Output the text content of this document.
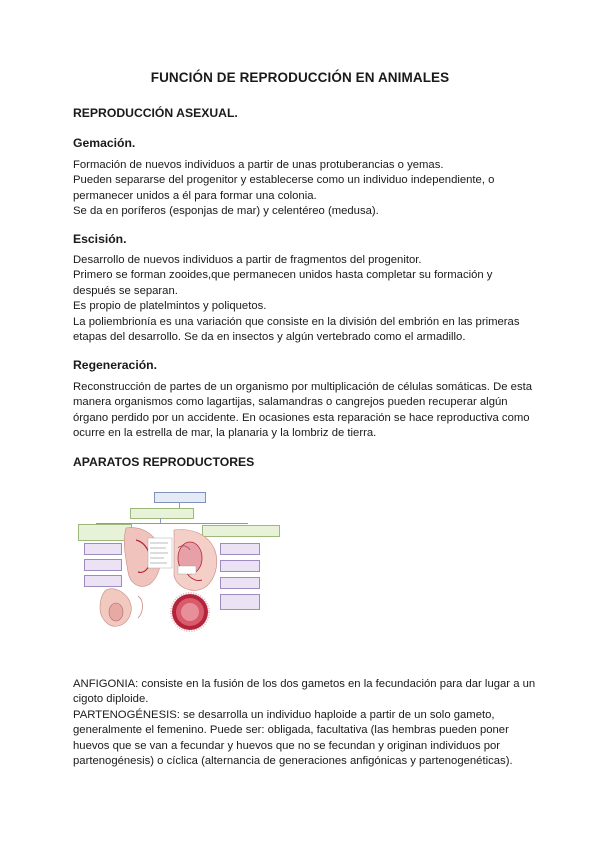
FUNCIÓN DE REPRODUCCIÓN EN ANIMALES
REPRODUCCIÓN ASEXUAL.
Gemación.
Formación de nuevos individuos a partir de unas protuberancias o yemas.
Pueden separarse del progenitor y establecerse como un individuo independiente, o
permanecer unidos a él para formar una colonia.
Se da en poríferos (esponjas de mar) y celentéreo (medusa).
Escisión.
Desarrollo de nuevos individuos a partir de fragmentos del progenitor.
Primero se forman zooides,que permanecen unidos hasta completar su formación y
después se separan.
Es propio de platelmintos y poliquetos.
La poliembrionía es una variación que consiste en la división del embrión en las primeras
etapas del desarrollo. Se da en insectos y algún vertebrado como el armadillo.
Regeneración.
Reconstrucción de partes de un organismo por multiplicación de células somáticas. De esta
manera organismos como lagartijas, salamandras o cangrejos pueden recuperar algún
órgano perdido por un accidente. En ocasiones esta reparación se hace reproductiva como
ocurre en la estrella de mar, la planaria y la lombriz de tierra.
APARATOS REPRODUCTORES
ANFIGONIA: consiste en la fusión de los dos gametos en la fecundación para dar lugar a un
cigoto diploide.
PARTENOGÉNESIS: se desarrolla un individuo haploide a partir de un solo gameto,
generalmente el femenino. Puede ser: obligada, facultativa (las hembras pueden poner
huevos que se van a fecundar y huevos que no se fecundan y originan individuos por
partenogénesis) o cíclica (alternancia de generaciones anfigónicas y partenogenéticas).
